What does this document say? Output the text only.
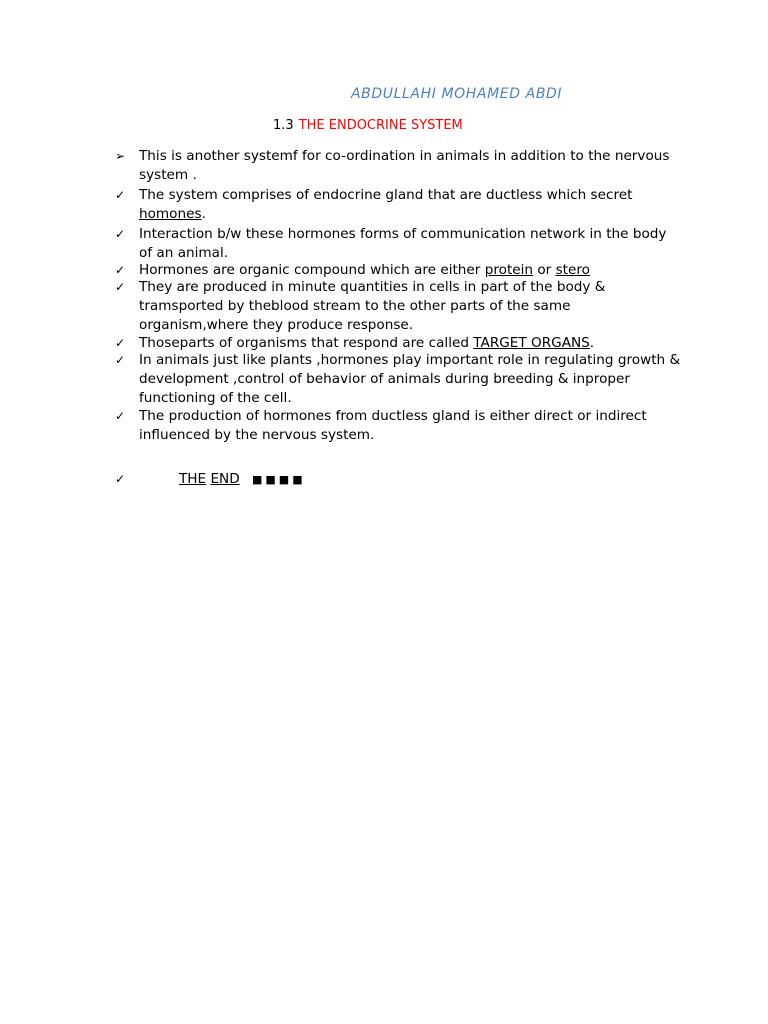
ABDULLAHI MOHAMED ABDI
1.3 THE ENDOCRINE SYSTEM
➢ This is another systemf for co-ordination in animals in addition to the nervous system .
✓ The system comprises of endocrine gland that are ductless which secret homones.
✓ Interaction b/w these hormones forms of communication network in the body of an animal.
✓ Hormones are organic compound which are either protein or stero
✓ They are produced in minute quantities in cells in part of the body & tramsported by theblood stream to the other parts of the same organism,where they produce response.
✓ Thoseparts of organisms that respond are called TARGET ORGANS.
✓ In animals just like plants ,hormones play important role in regulating growth & development ,control of behavior of animals during breeding & inproper functioning of the cell.
✓ The production of hormones from ductless gland is either direct or indirect influenced by the nervous system.
✓	THE END ■■■■
